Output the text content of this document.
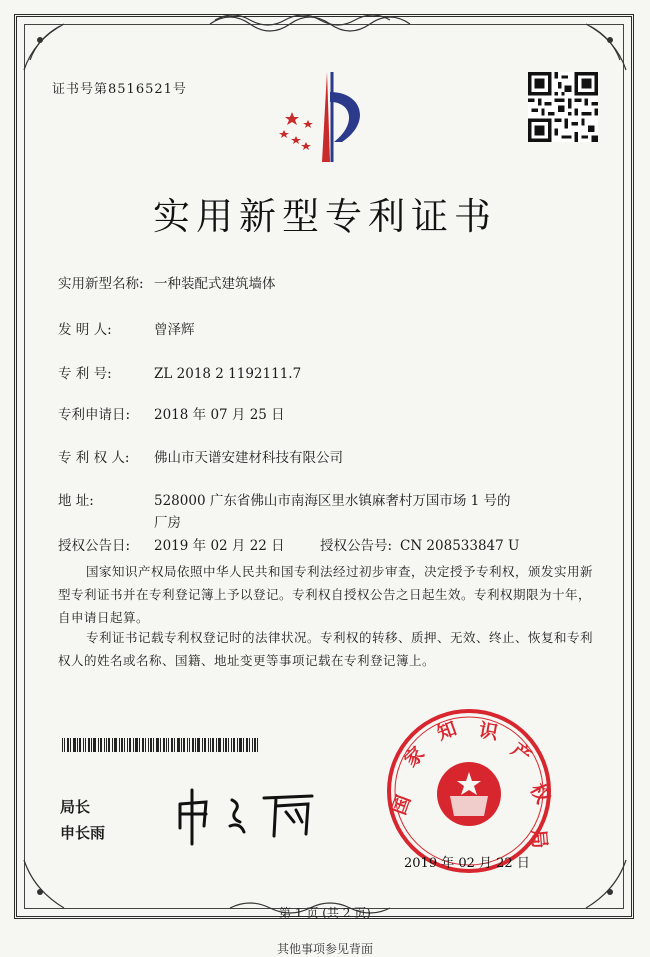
证书号第8516521号
实用新型专利证书
实用新型名称: 一种装配式建筑墙体
发 明 人:	曾泽辉
专 利 号:	ZL 2018 2 1192111.7
专利申请日: 2018 年 07 月 25 日
专 利 权 人: 佛山市天谱安建材科技有限公司
地 址:	528000 广东省佛山市南海区里水镇麻奢村万国市场 1 号的
厂房
授权公告日: 2019 年 02 月 22 日	授权公告号: CN 208533847 U
国家知识产权局依照中华人民共和国专利法经过初步审查，决定授予专利权，颁发实用新型专利证书并在专利登记簿上予以登记。专利权自授权公告之日起生效。专利权期限为十年，自申请日起算。
专利证书记载专利权登记时的法律状况。专利权的转移、质押、无效、终止、恢复和专利权人的姓名或名称、国籍、地址变更等事项记载在专利登记簿上。
局长
申长雨
国
家
知 识
产
权
局
2019 年 02 月 22 日
第 1 页 (共 2 页)
其他事项参见背面
